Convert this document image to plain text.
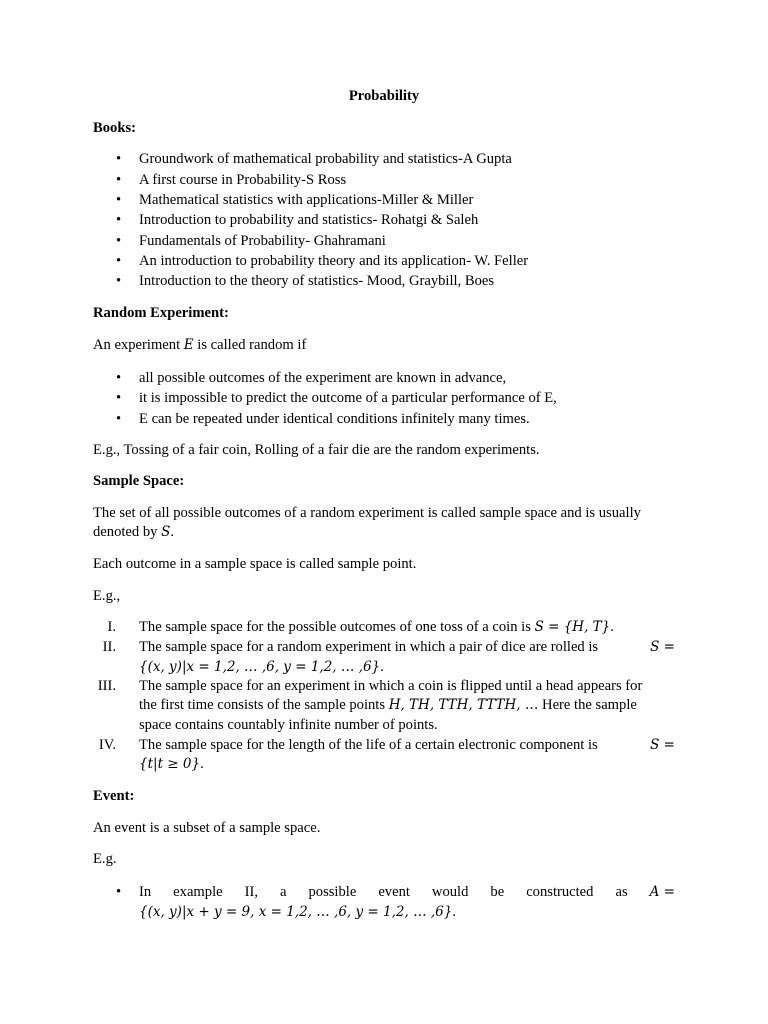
Probability
Books:
• Groundwork of mathematical probability and statistics-A Gupta
• A first course in Probability-S Ross
• Mathematical statistics with applications-Miller & Miller
• Introduction to probability and statistics- Rohatgi & Saleh
• Fundamentals of Probability- Ghahramani
• An introduction to probability theory and its application- W. Feller
• Introduction to the theory of statistics- Mood, Graybill, Boes
Random Experiment:
An experiment E is called random if
• all possible outcomes of the experiment are known in advance,
• it is impossible to predict the outcome of a particular performance of E,
• E can be repeated under identical conditions infinitely many times.
E.g., Tossing of a fair coin, Rolling of a fair die are the random experiments.
Sample Space:
The set of all possible outcomes of a random experiment is called sample space and is usually
denoted by S.
Each outcome in a sample space is called sample point.
E.g.,
I. The sample space for the possible outcomes of one toss of a coin is S = {H, T}.
II. The sample space for a random experiment in which a pair of dice are rolled is	S =
{(x, y)|x = 1,2, … ,6, y = 1,2, … ,6}.
III. The sample space for an experiment in which a coin is flipped until a head appears for
the first time consists of the sample points H, TH, TTH, TTTH, … Here the sample
space contains countably infinite number of points.
IV. The sample space for the length of the life of a certain electronic component is	S =
{t|t ≥ 0}.
Event:
An event is a subset of a sample space.
E.g.
• In example II, a possible event would be constructed as A =
{(x, y)|x + y = 9, x = 1,2, … ,6, y = 1,2, … ,6}.
